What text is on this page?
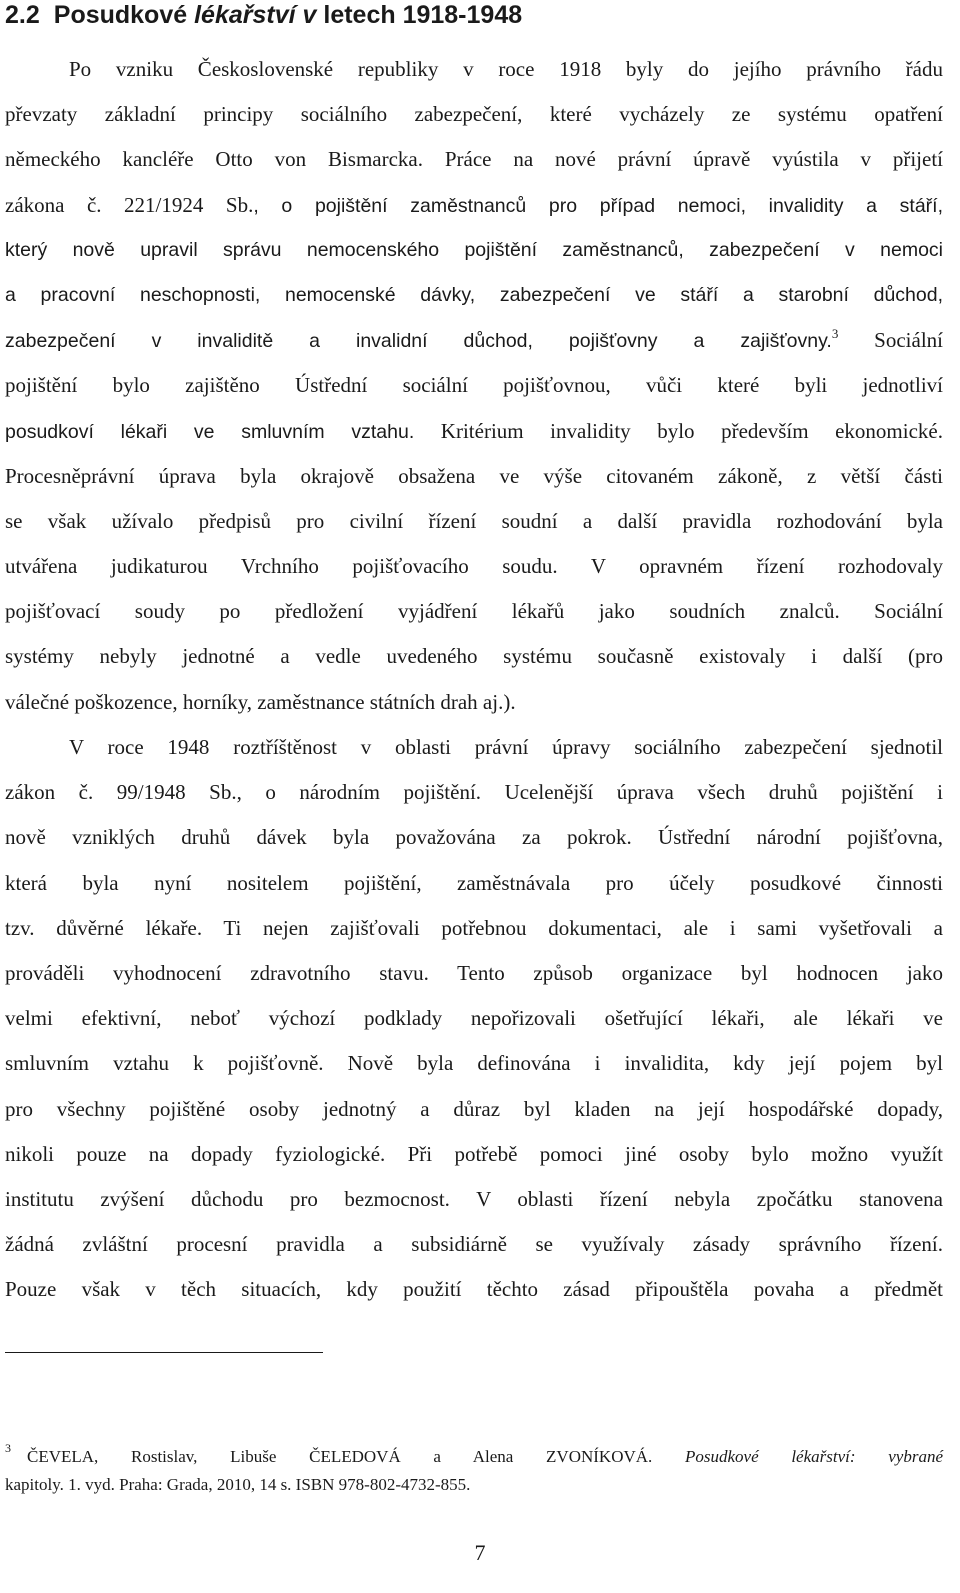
2.2 Posudkové lékařství v letech 1918-1948
Po vzniku Československé republiky v roce 1918 byly do jejího právního řádu
převzaty základní principy sociálního zabezpečení, které vycházely ze systému opatření
německého kancléře Otto von Bismarcka. Práce na nové právní úpravě vyústila v přijetí
zákona č. 221/1924 Sb., o pojištění zaměstnanců pro případ nemoci, invalidity a stáří,
který nově upravil správu nemocenského pojištění zaměstnanců, zabezpečení v nemoci
a pracovní neschopnosti, nemocenské dávky, zabezpečení ve stáří a starobní důchod,
zabezpečení v invaliditě a invalidní důchod, pojišťovny a zajišťovny.$^3$ Sociální
pojištění bylo zajištěno Ústřední sociální pojišťovnou, vůči které byli jednotliví
posudkoví lékaři ve smluvním vztahu. Kritérium invalidity bylo především ekonomické.
Procesněprávní úprava byla okrajově obsažena ve výše citovaném zákoně, z větší části
se však užívalo předpisů pro civilní řízení soudní a další pravidla rozhodování byla
utvářena judikaturou Vrchního pojišťovacího soudu. V opravném řízení rozhodovaly
pojišťovací soudy po předložení vyjádření lékařů jako soudních znalců. Sociální
systémy nebyly jednotné a vedle uvedeného systému současně existovaly i další (pro
válečné poškozence, horníky, zaměstnance státních drah aj.).
V roce 1948 roztříštěnost v oblasti právní úpravy sociálního zabezpečení sjednotil
zákon č. 99/1948 Sb., o národním pojištění. Ucelenější úprava všech druhů pojištění i
nově vzniklých druhů dávek byla považována za pokrok. Ústřední národní pojišťovna,
která byla nyní nositelem pojištění, zaměstnávala pro účely posudkové činnosti
tzv. důvěrné lékaře. Ti nejen zajišťovali potřebnou dokumentaci, ale i sami vyšetřovali a
prováděli vyhodnocení zdravotního stavu. Tento způsob organizace byl hodnocen jako
velmi efektivní, neboť výchozí podklady nepořizovali ošetřující lékaři, ale lékaři ve
smluvním vztahu k pojišťovně. Nově byla definována i invalidita, kdy její pojem byl
pro všechny pojištěné osoby jednotný a důraz byl kladen na její hospodářské dopady,
nikoli pouze na dopady fyziologické. Při potřebě pomoci jiné osoby bylo možno využít
institutu zvýšení důchodu pro bezmocnost. V oblasti řízení nebyla zpočátku stanovena
žádná zvláštní procesní pravidla a subsidiárně se využívaly zásady správního řízení.
Pouze však v těch situacích, kdy použití těchto zásad připouštěla povaha a předmět
$^3$ ČEVELA, Rostislav, Libuše ČELEDOVÁ a Alena ZVONÍKOVÁ. Posudkové lékařství: vybrané
kapitoly. 1. vyd. Praha: Grada, 2010, 14 s. ISBN 978-802-4732-855.
7
